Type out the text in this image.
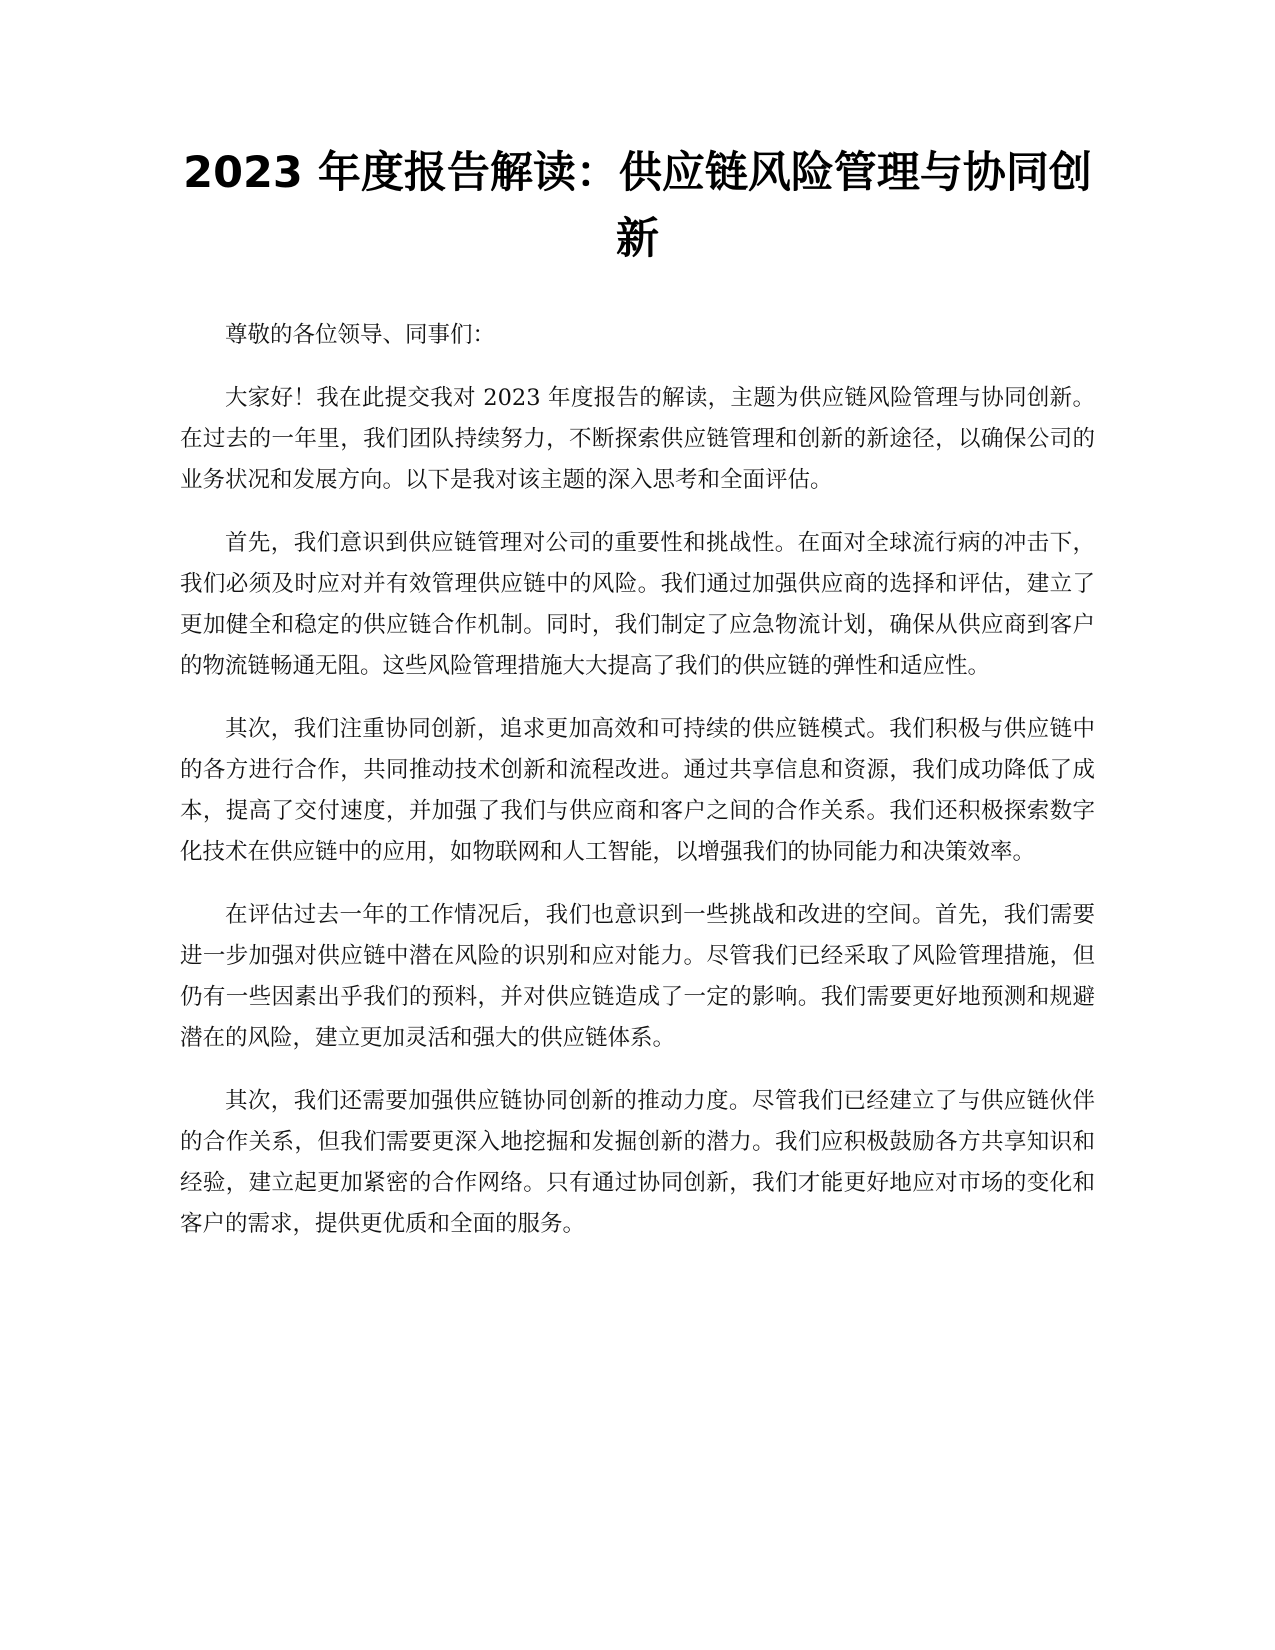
2023 年度报告解读：供应链风险管理与协同创新

尊敬的各位领导、同事们：

大家好！我在此提交我对 2023 年度报告的解读，主题为供应链风险管理与协同创新。在过去的一年里，我们团队持续努力，不断探索供应链管理和创新的新途径，以确保公司的业务状况和发展方向。以下是我对该主题的深入思考和全面评估。

首先，我们意识到供应链管理对公司的重要性和挑战性。在面对全球流行病的冲击下，我们必须及时应对并有效管理供应链中的风险。我们通过加强供应商的选择和评估，建立了更加健全和稳定的供应链合作机制。同时，我们制定了应急物流计划，确保从供应商到客户的物流链畅通无阻。这些风险管理措施大大提高了我们的供应链的弹性和适应性。

其次，我们注重协同创新，追求更加高效和可持续的供应链模式。我们积极与供应链中的各方进行合作，共同推动技术创新和流程改进。通过共享信息和资源，我们成功降低了成本，提高了交付速度，并加强了我们与供应商和客户之间的合作关系。我们还积极探索数字化技术在供应链中的应用，如物联网和人工智能，以增强我们的协同能力和决策效率。

在评估过去一年的工作情况后，我们也意识到一些挑战和改进的空间。首先，我们需要进一步加强对供应链中潜在风险的识别和应对能力。尽管我们已经采取了风险管理措施，但仍有一些因素出乎我们的预料，并对供应链造成了一定的影响。我们需要更好地预测和规避潜在的风险，建立更加灵活和强大的供应链体系。

其次，我们还需要加强供应链协同创新的推动力度。尽管我们已经建立了与供应链伙伴的合作关系，但我们需要更深入地挖掘和发掘创新的潜力。我们应积极鼓励各方共享知识和经验，建立起更加紧密的合作网络。只有通过协同创新，我们才能更好地应对市场的变化和客户的需求，提供更优质和全面的服务。
